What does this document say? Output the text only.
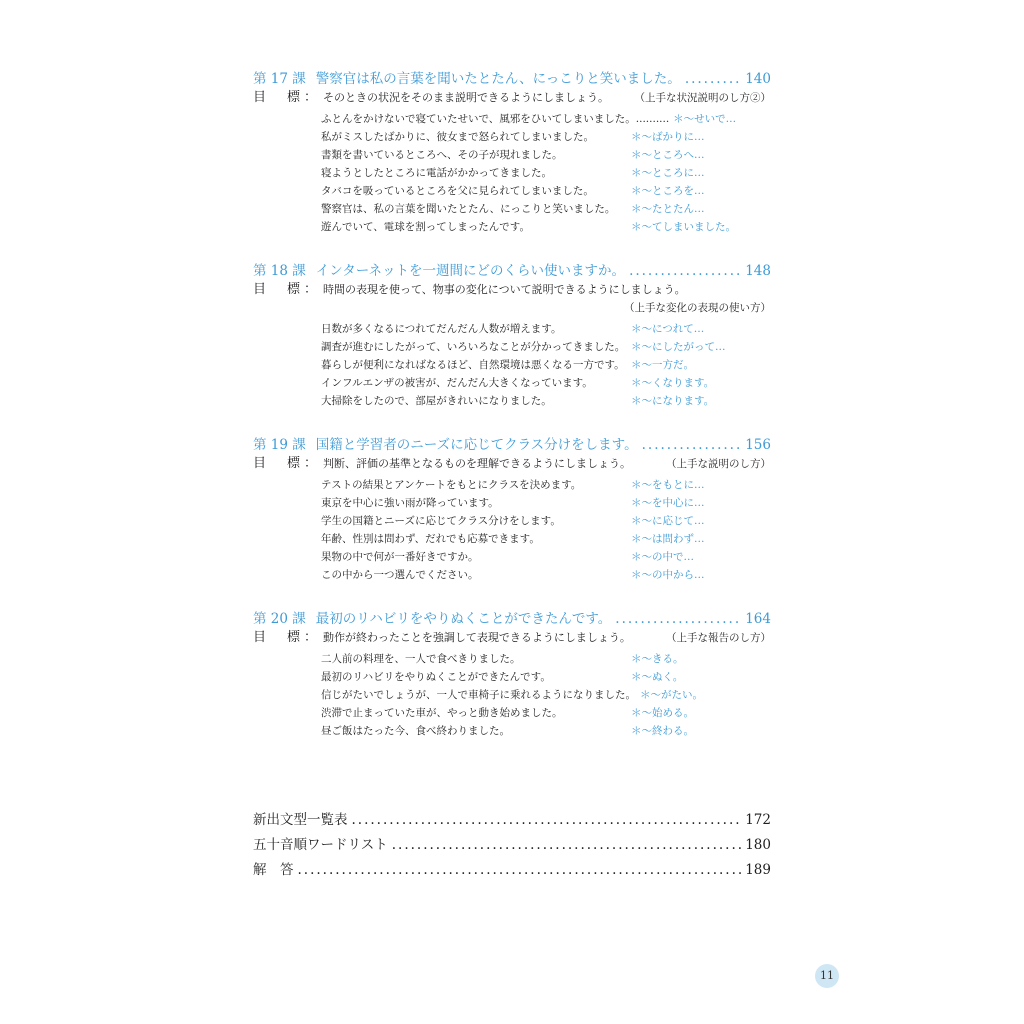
第 17 課 警察官は私の言葉を聞いたとたん、にっこりと笑いました。 .....	140
目　標： そのときの状況をそのまま説明できるようにしましょう。	（上手な状況説明のし方②）
ふとんをかけないで寝ていたせいで、風邪をひいてしまいました。.......... ＊～せいで…
私がミスしたばかりに、彼女まで怒られてしまいました。	＊～ばかりに…
書類を書いているところへ、その子が現れました。	＊～ところへ…
寝ようとしたところに電話がかかってきました。	＊～ところに…
タバコを吸っているところを父に見られてしまいました。	＊～ところを…
警察官は、私の言葉を聞いたとたん、にっこりと笑いました。	＊～たとたん…
遊んでいて、電球を割ってしまったんです。	＊～てしまいました。
第 18 課 インターネットを一週間にどのくらい使いますか。 .....	148
目　標： 時間の表現を使って、物事の変化について説明できるようにしましょう。
（上手な変化の表現の使い方）
日数が多くなるにつれてだんだん人数が増えます。	＊～につれて…
調査が進むにしたがって、いろいろなことが分かってきました。 ＊～にしたがって…
暮らしが便利になればなるほど、自然環境は悪くなる一方です。 ＊～一方だ。
インフルエンザの被害が、だんだん大きくなっています。	＊～くなります。
大掃除をしたので、部屋がきれいになりました。	＊～になります。
第 19 課 国籍と学習者のニーズに応じてクラス分けをします。 .....	156
目　標： 判断、評価の基準となるものを理解できるようにしましょう。	（上手な説明のし方）
テストの結果とアンケートをもとにクラスを決めます。	＊～をもとに…
東京を中心に強い雨が降っています。	＊～を中心に…
学生の国籍とニーズに応じてクラス分けをします。	＊～に応じて…
年齢、性別は問わず、だれでも応募できます。	＊～は問わず…
果物の中で何が一番好きですか。	＊～の中で…
この中から一つ選んでください。	＊～の中から…
第 20 課 最初のリハビリをやりぬくことができたんです。 .....	164
目　標： 動作が終わったことを強調して表現できるようにしましょう。	（上手な報告のし方）
二人前の料理を、一人で食べきりました。	＊～きる。
最初のリハビリをやりぬくことができたんです。	＊～ぬく。
信じがたいでしょうが、一人で車椅子に乗れるようになりました。 ＊～がたい。
渋滞で止まっていた車が、やっと動き始めました。	＊～始める。
昼ご飯はたった今、食べ終わりました。	＊～終わる。
新出文型一覧表 .....	172
五十音順ワードリスト .....	180
解　答 .....	189
11
